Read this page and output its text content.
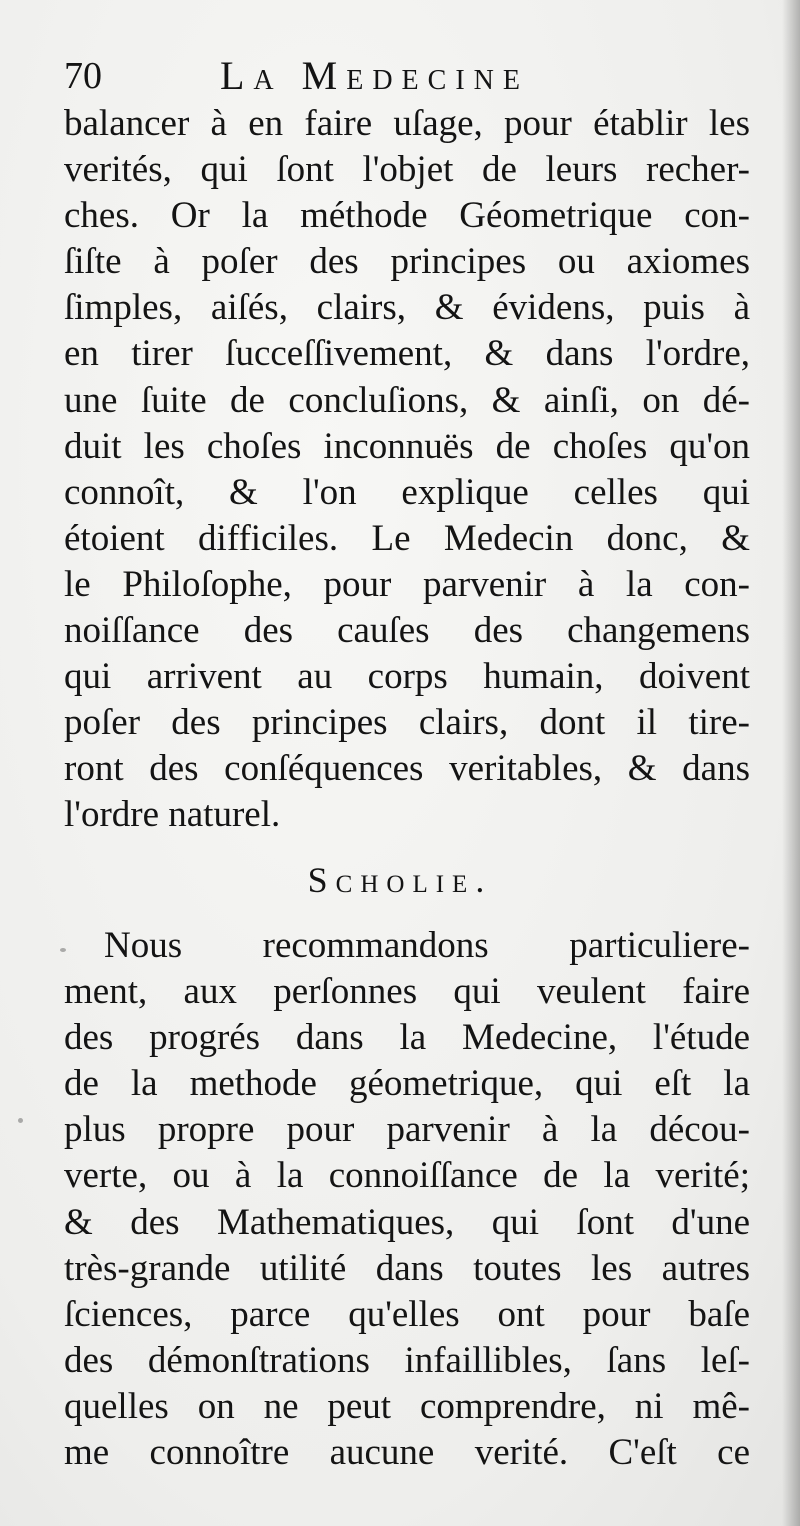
70	La Medecine
balancer à en faire uſage, pour établir les
verités, qui ſont l'objet de leurs recher-
ches. Or la méthode Géometrique con-
ſiſte à poſer des principes ou axiomes
ſimples, aiſés, clairs, & évidens, puis à
en tirer ſucceſſivement, & dans l'ordre,
une ſuite de concluſions, & ainſi, on dé-
duit les choſes inconnuës de choſes qu'on
connoît, & l'on explique celles qui
étoient difficiles. Le Medecin donc, &
le Philoſophe, pour parvenir à la con-
noiſſance des cauſes des changemens
qui arrivent au corps humain, doivent
poſer des principes clairs, dont il tire-
ront des conſéquences veritables, & dans
l'ordre naturel.
Scholie.
Nous recommandons particuliere-
ment, aux perſonnes qui veulent faire
des progrés dans la Medecine, l'étude
de la methode géometrique, qui eſt la
plus propre pour parvenir à la décou-
verte, ou à la connoiſſance de la verité;
& des Mathematiques, qui ſont d'une
très-grande utilité dans toutes les autres
ſciences, parce qu'elles ont pour baſe
des démonſtrations infaillibles, ſans leſ-
quelles on ne peut comprendre, ni mê-
me connoître aucune verité. C'eſt ce
